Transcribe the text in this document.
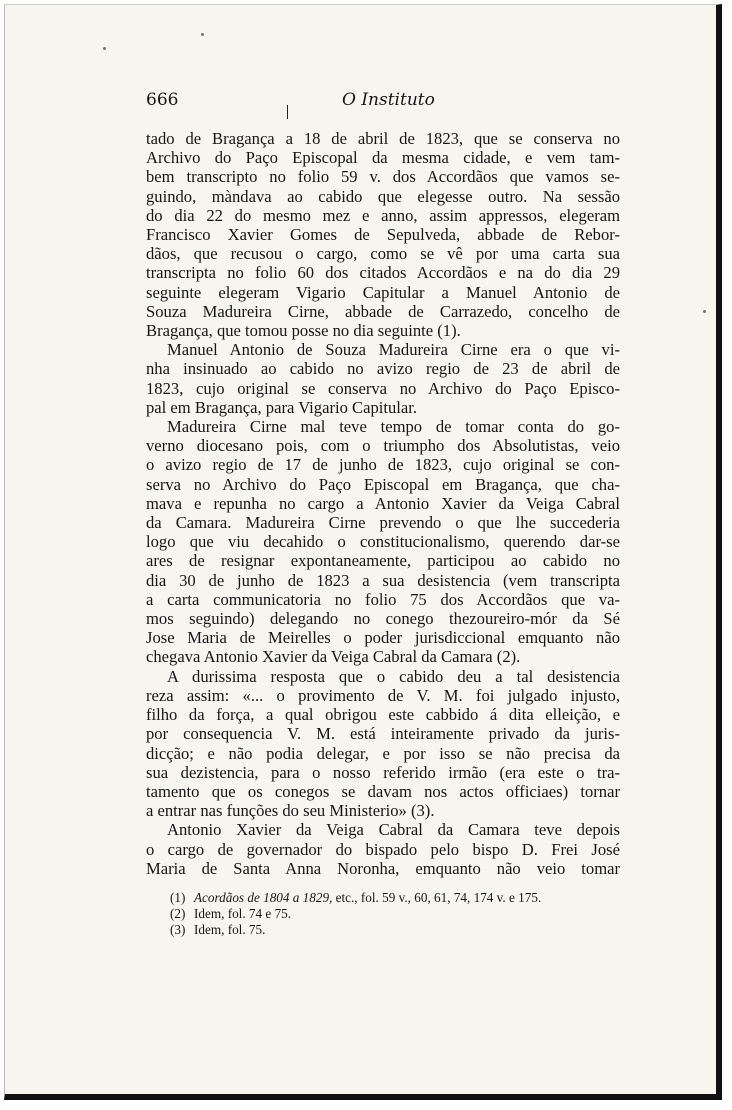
666	O Instituto
tado de Bragança a 18 de abril de 1823, que se conserva no
Archivo do Paço Episcopal da mesma cidade, e vem tam-
bem transcripto no folio 59 v. dos Accordãos que vamos se-
guindo, màndava ao cabido que elegesse outro. Na sessão
do dia 22 do mesmo mez e anno, assim appressos, elegeram
Francisco Xavier Gomes de Sepulveda, abbade de Rebor-
dãos, que recusou o cargo, como se vê por uma carta sua
transcripta no folio 60 dos citados Accordãos e na do dia 29
seguinte elegeram Vigario Capitular a Manuel Antonio de
Souza Madureira Cirne, abbade de Carrazedo, concelho de
Bragança, que tomou posse no dia seguinte (1).
Manuel Antonio de Souza Madureira Cirne era o que vi-
nha insinuado ao cabido no avizo regio de 23 de abril de
1823, cujo original se conserva no Archivo do Paço Episco-
pal em Bragança, para Vigario Capitular.
Madureira Cirne mal teve tempo de tomar conta do go-
verno diocesano pois, com o triumpho dos Absolutistas, veio
o avizo regio de 17 de junho de 1823, cujo original se con-
serva no Archivo do Paço Episcopal em Bragança, que cha-
mava e repunha no cargo a Antonio Xavier da Veiga Cabral
da Camara. Madureira Cirne prevendo o que lhe succederia
logo que viu decahido o constitucionalismo, querendo dar-se
ares de resignar expontaneamente, participou ao cabido no
dia 30 de junho de 1823 a sua desistencia (vem transcripta
a carta communicatoria no folio 75 dos Accordãos que va-
mos seguindo) delegando no conego thezoureiro-mór da Sé
Jose Maria de Meirelles o poder jurisdiccional emquanto não
chegava Antonio Xavier da Veiga Cabral da Camara (2).
A durissima resposta que o cabido deu a tal desistencia
reza assim: «... o provimento de V. M. foi julgado injusto,
filho da força, a qual obrigou este cabbido á dita elleição, e
por consequencia V. M. está inteiramente privado da juris-
dicção; e não podia delegar, e por isso se não precisa da
sua dezistencia, para o nosso referido irmão (era este o tra-
tamento que os conegos se davam nos actos officiaes) tornar
a entrar nas funções do seu Ministerio» (3).
Antonio Xavier da Veiga Cabral da Camara teve depois
o cargo de governador do bispado pelo bispo D. Frei José
Maria de Santa Anna Noronha, emquanto não veio tomar
(1) Acordãos de 1804 a 1829, etc., fol. 59 v., 60, 61, 74, 174 v. e 175.
(2) Idem, fol. 74 e 75.
(3) Idem, fol. 75.
